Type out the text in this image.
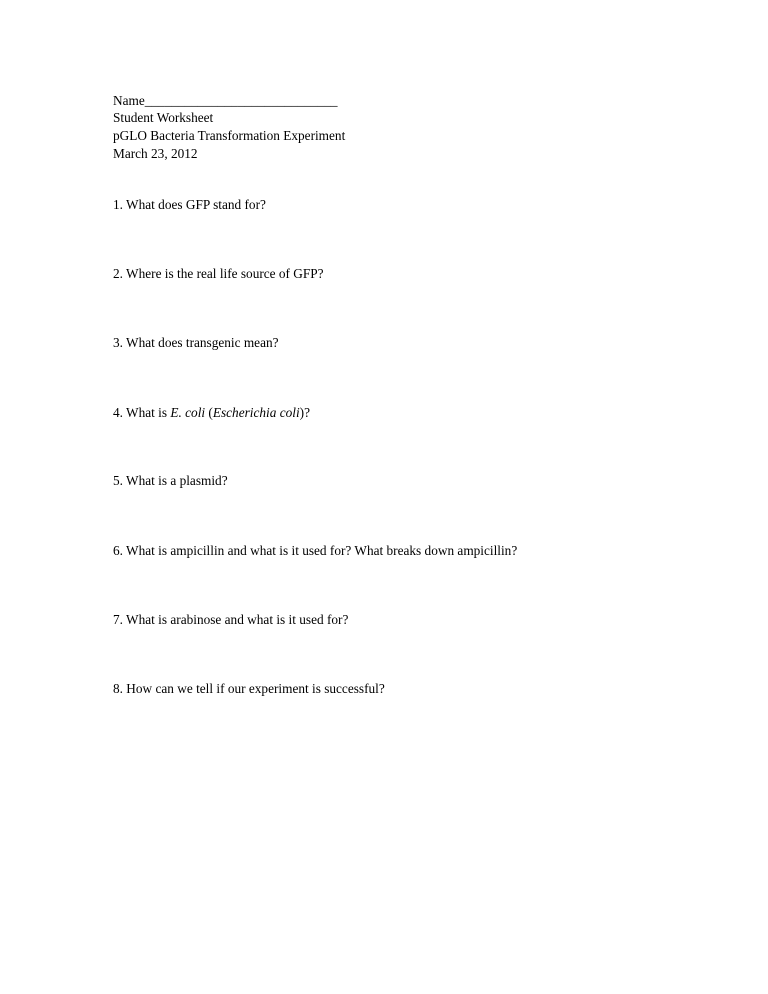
Name_____________________________
Student Worksheet
pGLO Bacteria Transformation Experiment
March 23, 2012
1. What does GFP stand for?
2. Where is the real life source of GFP?
3. What does transgenic mean?
4. What is E. coli (Escherichia coli)?
5. What is a plasmid?
6. What is ampicillin and what is it used for? What breaks down ampicillin?
7. What is arabinose and what is it used for?
8. How can we tell if our experiment is successful?
